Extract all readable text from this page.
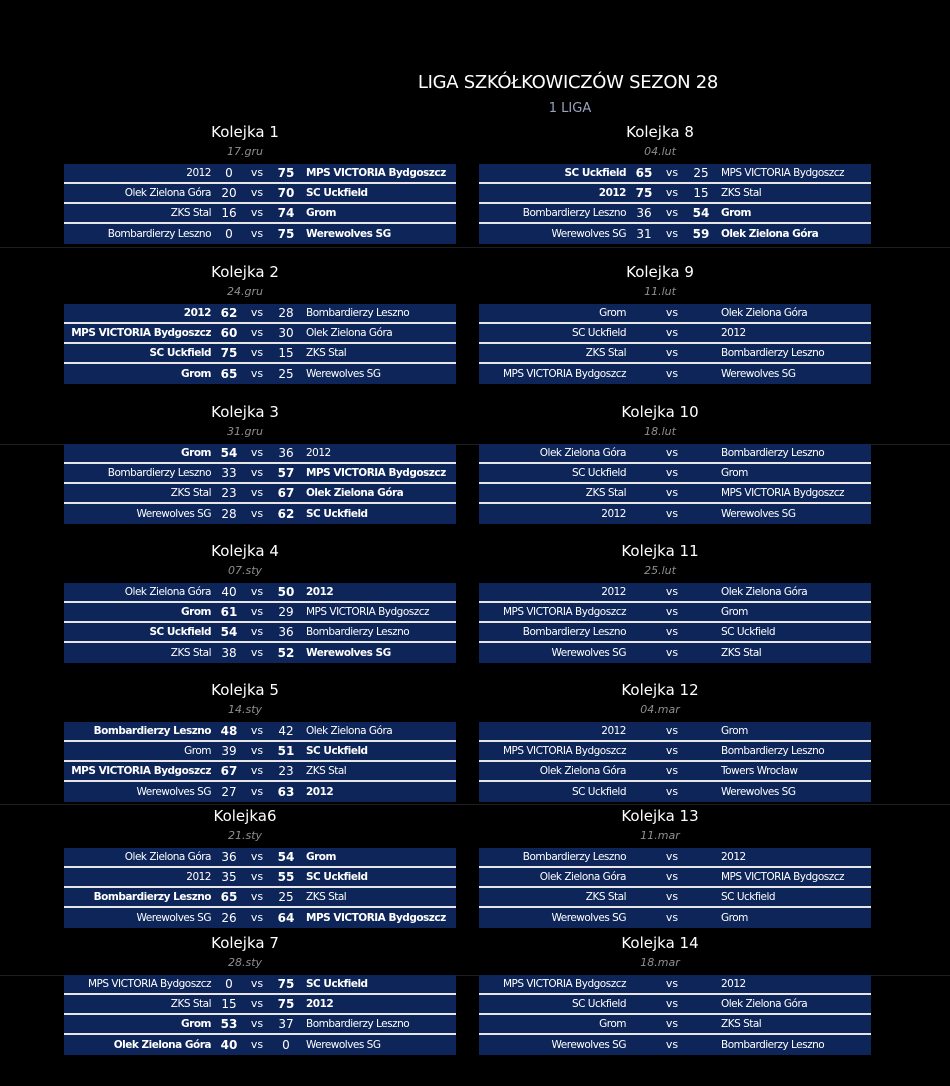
LIGA SZKÓŁKOWICZÓW SEZON 28
1 LIGA
Kolejka 1
17.gru
2012	0	vs	75	MPS VICTORIA Bydgoszcz
Olek Zielona Góra 20	vs	70	SC Uckfield
ZKS Stal 16	vs	74	Grom
Bombardierzy Leszno	0	vs	75	Werewolves SG
Kolejka 2
24.gru
2012 62	vs	28	Bombardierzy Leszno
MPS VICTORIA Bydgoszcz 60	vs	30	Olek Zielona Góra
SC Uckfield 75	vs	15	ZKS Stal
Grom 65	vs	25	Werewolves SG
Kolejka 3
31.gru
Grom 54	vs	36	2012
Bombardierzy Leszno 33	vs	57	MPS VICTORIA Bydgoszcz
ZKS Stal 23	vs	67	Olek Zielona Góra
Werewolves SG 28	vs	62	SC Uckfield
Kolejka 4
07.sty
Olek Zielona Góra 40	vs	50	2012
Grom 61	vs	29	MPS VICTORIA Bydgoszcz
SC Uckfield 54	vs	36	Bombardierzy Leszno
ZKS Stal 38	vs	52	Werewolves SG
Kolejka 5
14.sty
Bombardierzy Leszno 48	vs	42	Olek Zielona Góra
Grom 39	vs	51	SC Uckfield
MPS VICTORIA Bydgoszcz 67	vs	23	ZKS Stal
Werewolves SG 27	vs	63	2012
Kolejka6
21.sty
Olek Zielona Góra 36	vs	54	Grom
2012 35	vs	55	SC Uckfield
Bombardierzy Leszno 65	vs	25	ZKS Stal
Werewolves SG 26	vs	64	MPS VICTORIA Bydgoszcz
Kolejka 7
28.sty
MPS VICTORIA Bydgoszcz	0	vs	75	SC Uckfield
ZKS Stal 15	vs	75	2012
Grom 53	vs	37	Bombardierzy Leszno
Olek Zielona Góra 40	vs	0	Werewolves SG
Kolejka 8
04.lut
SC Uckfield 65	vs	25	MPS VICTORIA Bydgoszcz
2012 75	vs	15	ZKS Stal
Bombardierzy Leszno 36	vs	54	Grom
Werewolves SG 31	vs	59	Olek Zielona Góra
Kolejka 9
11.lut
Grom	vs	Olek Zielona Góra
SC Uckfield	vs	2012
ZKS Stal	vs	Bombardierzy Leszno
MPS VICTORIA Bydgoszcz	vs	Werewolves SG
Kolejka 10
18.lut
Olek Zielona Góra	vs	Bombardierzy Leszno
SC Uckfield	vs	Grom
ZKS Stal	vs	MPS VICTORIA Bydgoszcz
2012	vs	Werewolves SG
Kolejka 11
25.lut
2012	vs	Olek Zielona Góra
MPS VICTORIA Bydgoszcz	vs	Grom
Bombardierzy Leszno	vs	SC Uckfield
Werewolves SG	vs	ZKS Stal
Kolejka 12
04.mar
2012	vs	Grom
MPS VICTORIA Bydgoszcz	vs	Bombardierzy Leszno
Olek Zielona Góra	vs	Towers Wrocław
SC Uckfield	vs	Werewolves SG
Kolejka 13
11.mar
Bombardierzy Leszno	vs	2012
Olek Zielona Góra	vs	MPS VICTORIA Bydgoszcz
ZKS Stal	vs	SC Uckfield
Werewolves SG	vs	Grom
Kolejka 14
18.mar
MPS VICTORIA Bydgoszcz	vs	2012
SC Uckfield	vs	Olek Zielona Góra
Grom	vs	ZKS Stal
Werewolves SG	vs	Bombardierzy Leszno
